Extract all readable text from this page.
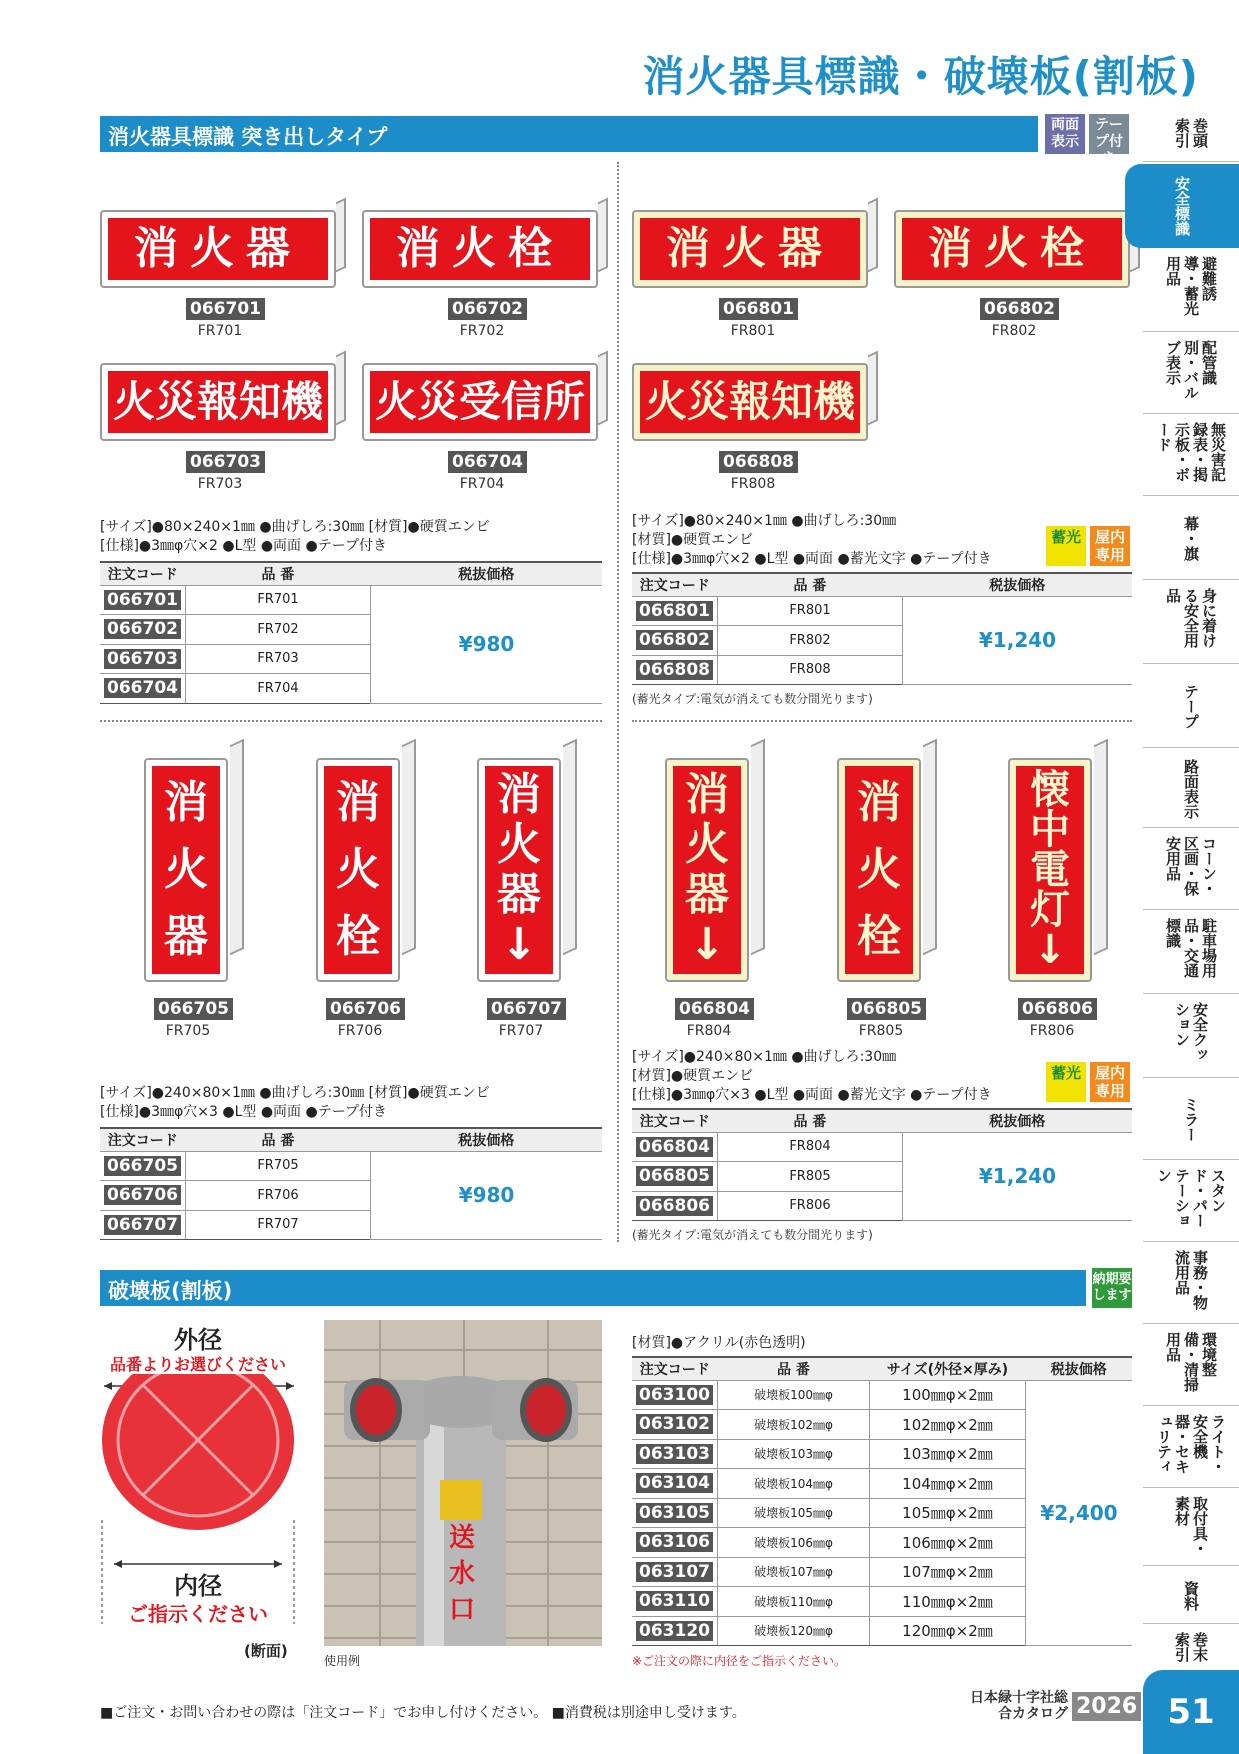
消火器具標識・破壊板(割板)
消火器具標識 突き出しタイプ	両面表示
テープ付き
消火器
066701
FR701
消火栓
066702
FR702
火災報知機
066703
FR703
火災受信所
066704
FR704
消火器
066801
FR801
消火栓
066802
FR802
火災報知機
066808
FR808
[サイズ]●80×240×1㎜ ●曲げしろ:30㎜ [材質]●硬質エンビ
[仕様]●3㎜φ穴×2 ●L型 ●両面 ●テープ付き
注文コード	品 番	税抜価格
066701	FR701	¥980
066702	FR702	
066703	FR703	
066704	FR704	
[サイズ]●80×240×1㎜ ●曲げしろ:30㎜
[材質]●硬質エンビ
[仕様]●3㎜φ穴×2 ●L型 ●両面 ●蓄光文字 ●テープ付き
蓄光 屋内専用
注文コード	品 番	税抜価格
066801	FR801	¥1,240
066802	FR802	
066808	FR808	
(蓄光タイプ:電気が消えても数分間光ります)
消
火
器
066705
FR705
消
火
栓
066706
FR706
消
火
器
↓
066707
FR707
消
火
器
↓
066804
FR804
消
火
栓
066805
FR805
懐
中
電
灯
↓
066806
FR806
[サイズ]●240×80×1㎜ ●曲げしろ:30㎜ [材質]●硬質エンビ
[仕様]●3㎜φ穴×3 ●L型 ●両面 ●テープ付き
注文コード	品 番	税抜価格
066705	FR705	¥980
066706	FR706	
066707	FR707	
[サイズ]●240×80×1㎜ ●曲げしろ:30㎜
[材質]●硬質エンビ
[仕様]●3㎜φ穴×3 ●L型 ●両面 ●蓄光文字 ●テープ付き
蓄光 屋内専用
注文コード	品 番	税抜価格
066804	FR804	¥1,240
066805	FR805	
066806	FR806	
(蓄光タイプ:電気が消えても数分間光ります)
破壊板(割板)	納期要します
外径
品番よりお選びください
内径
ご指示ください
(断面)
送
水
口
使用例
[材質]●アクリル(赤色透明)
注文コード	品 番	サイズ(外径×厚み)	税抜価格
063100	破壊板100㎜φ	100㎜φ×2㎜	¥2,400
063102	破壊板102㎜φ	102㎜φ×2㎜	
063103	破壊板103㎜φ	103㎜φ×2㎜	
063104	破壊板104㎜φ	104㎜φ×2㎜	
063105	破壊板105㎜φ	105㎜φ×2㎜	
063106	破壊板106㎜φ	106㎜φ×2㎜	
063107	破壊板107㎜φ	107㎜φ×2㎜	
063110	破壊板110㎜φ	110㎜φ×2㎜	
063120	破壊板120㎜φ	120㎜φ×2㎜	
※ご注文の際に内径をご指示ください。
巻頭索引
安全標識
避難誘導・蓄光用品
配管識別・バルブ表示
無災害記録表・掲示板・ボード
幕・旗
身に着ける安全用品
テープ
路面表示
コーン・区画・保安用品
駐車場用品・交通標識
安全クッション
ミラー
スタンド・パーテーション
事務・物流用品
環境整備・清掃用品
ライト・安全機器・セキュリティ
取付具・素材
資料
巻末索引
■ご注文・お問い合わせの際は「注文コード」でお申し付けください。 ■消費税は別途申し受けます。
日本緑十字社総合カタログ 2026 51
